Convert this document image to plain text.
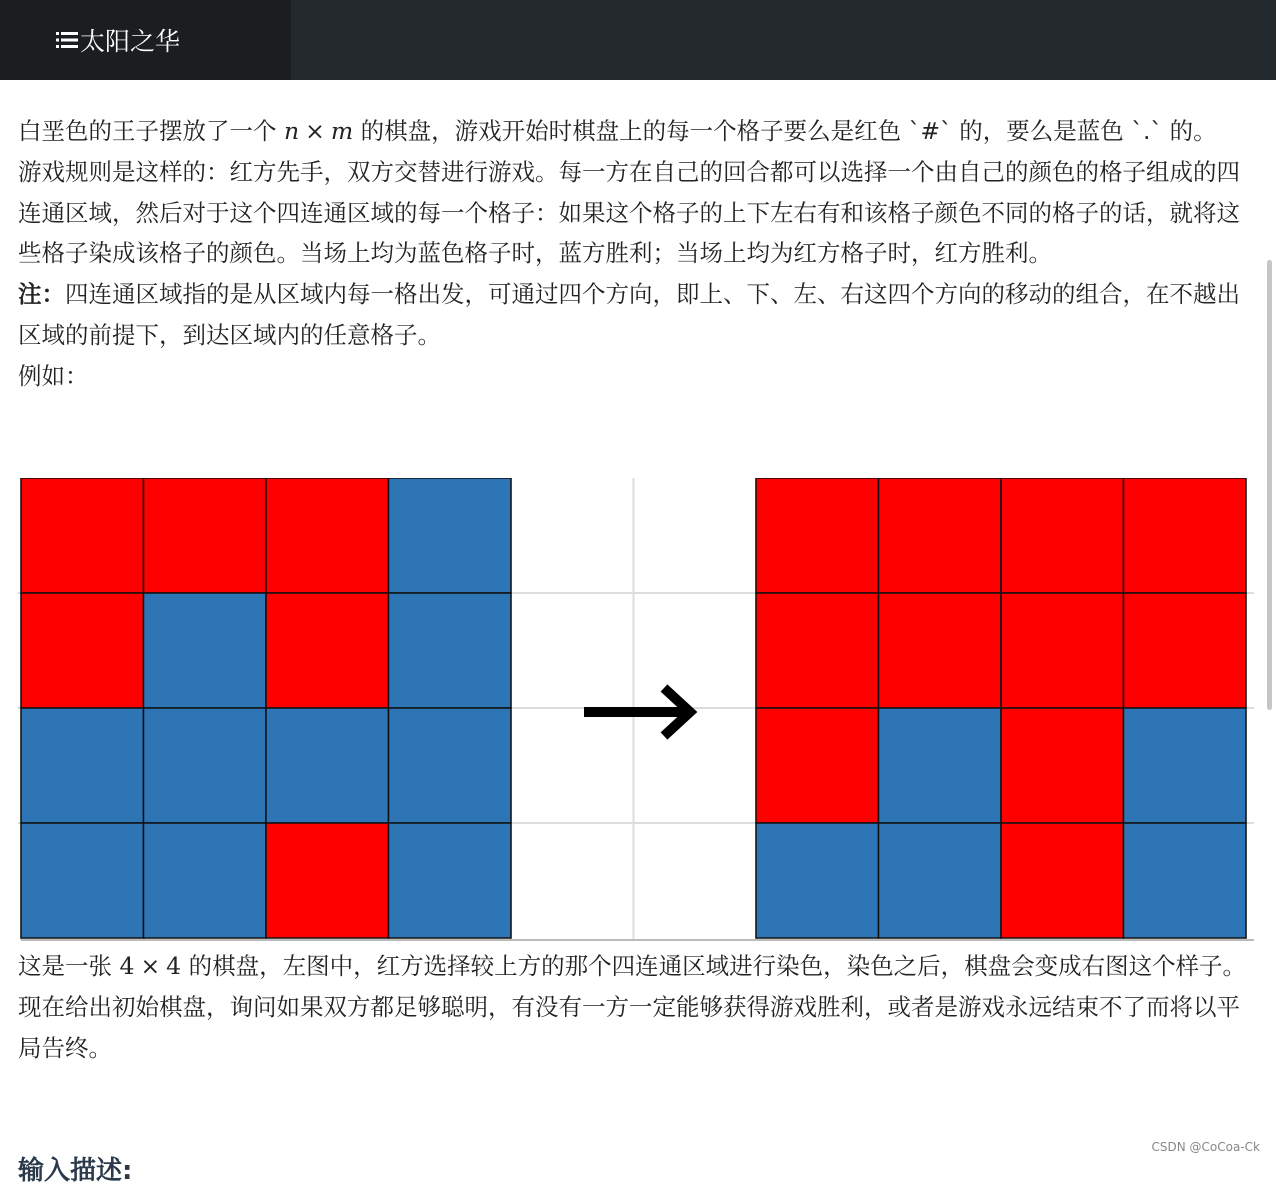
太阳之华

白垩色的王子摆放了一个 n × m 的棋盘，游戏开始时棋盘上的每一个格子要么是红色 `#` 的，要么是蓝色 `.` 的。

游戏规则是这样的：红方先手，双方交替进行游戏。每一方在自己的回合都可以选择一个由自己的颜色的格子组成的四连通区域，然后对于这个四连通区域的每一个格子：如果这个格子的上下左右有和该格子颜色不同的格子的话，就将这些格子染成该格子的颜色。当场上均为蓝色格子时，蓝方胜利；当场上均为红方格子时，红方胜利。

注：四连通区域指的是从区域内每一格出发，可通过四个方向，即上、下、左、右这四个方向的移动的组合，在不越出区域的前提下，到达区域内的任意格子。

例如：

这是一张 4 × 4 的棋盘，左图中，红方选择较上方的那个四连通区域进行染色，染色之后，棋盘会变成右图这个样子。

现在给出初始棋盘，询问如果双方都足够聪明，有没有一方一定能够获得游戏胜利，或者是游戏永远结束不了而将以平局告终。

输入描述:
CSDN @CoCoa-Ck
